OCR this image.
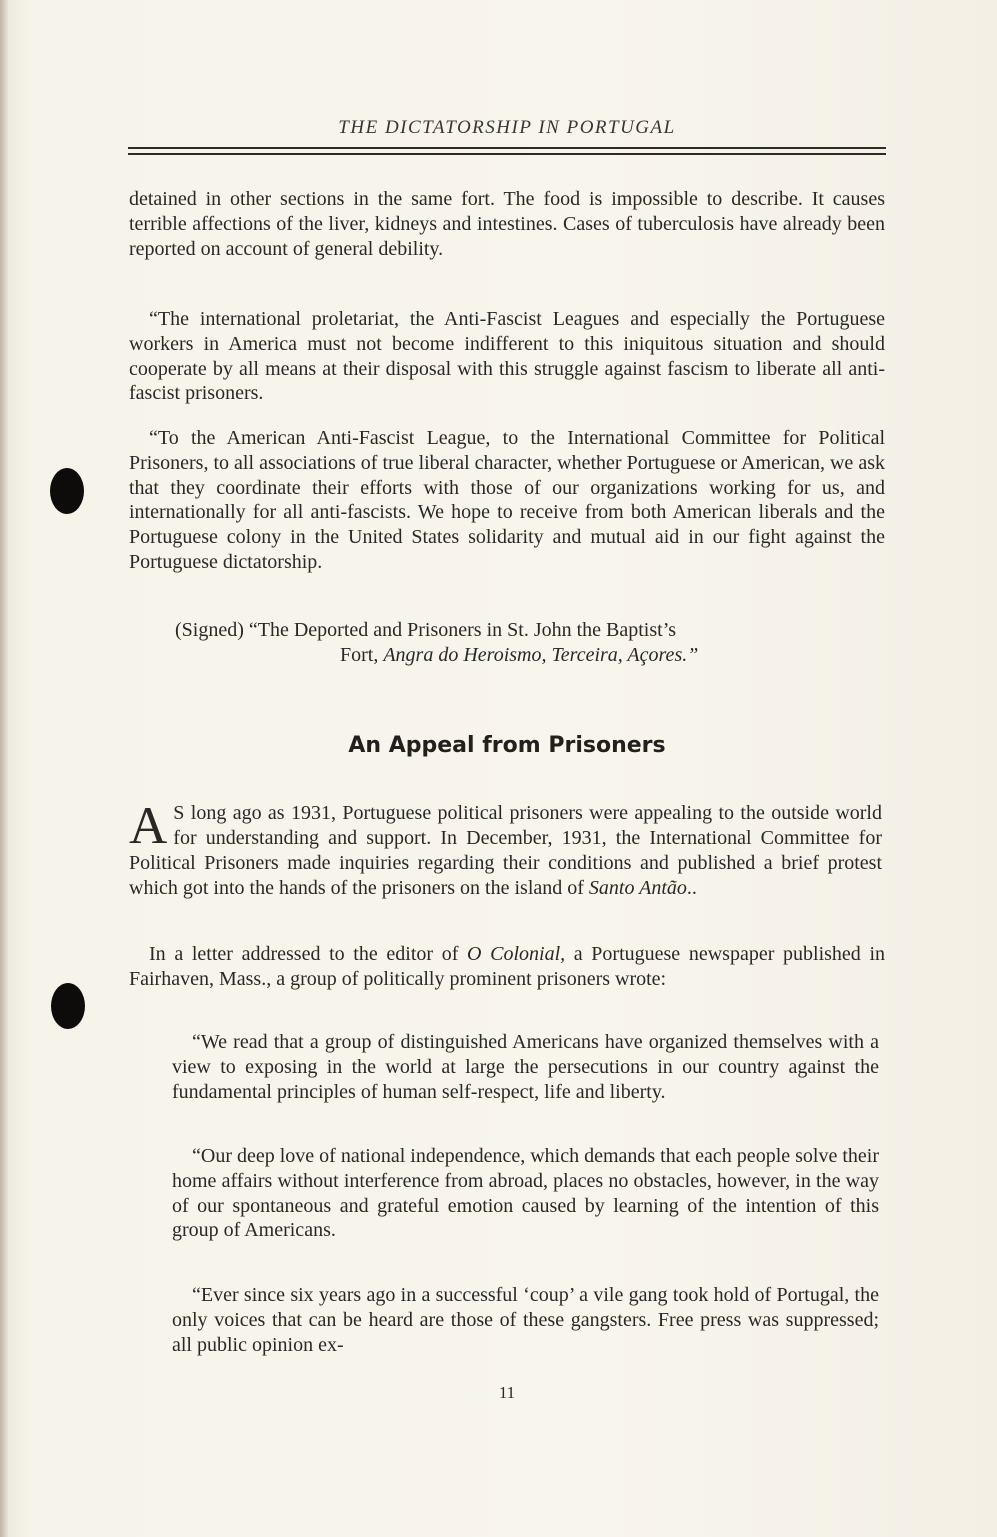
THE DICTATORSHIP IN PORTUGAL

detained in other sections in the same fort. The food is impossible to describe. It causes terrible affections of the liver, kidneys and intestines. Cases of tuberculosis have already been reported on account of general debility.

“The international proletariat, the Anti-Fascist Leagues and especially the Portuguese workers in America must not become indifferent to this iniquitous situation and should cooperate by all means at their disposal with this struggle against fascism to liberate all anti-fascist prisoners.

“To the American Anti-Fascist League, to the International Committee for Political Prisoners, to all associations of true liberal character, whether Portuguese or American, we ask that they coordinate their efforts with those of our organizations working for us, and internationally for all anti-fascists. We hope to receive from both American liberals and the Portuguese colony in the United States solidarity and mutual aid in our fight against the Portuguese dictatorship.

(Signed) “The Deported and Prisoners in St. John the Baptist’s
Fort, Angra do Heroismo, Terceira, Açores.”

An Appeal from Prisoners

A S long ago as 1931, Portuguese political prisoners were appealing to the outside world for understanding and support. In December, 1931, the International Committee for Political Prisoners made inquiries regarding their conditions and published a brief protest which got into the hands of the prisoners on the island of Santo Antão..

In a letter addressed to the editor of O Colonial, a Portuguese newspaper published in Fairhaven, Mass., a group of politically prominent prisoners wrote:

“We read that a group of distinguished Americans have organized themselves with a view to exposing in the world at large the persecutions in our country against the fundamental principles of human self-respect, life and liberty.

“Our deep love of national independence, which demands that each people solve their home affairs without interference from abroad, places no obstacles, however, in the way of our spontaneous and grateful emotion caused by learning of the intention of this group of Americans.

“Ever since six years ago in a successful ‘coup’ a vile gang took hold of Portugal, the only voices that can be heard are those of these gangsters. Free press was suppressed; all public opinion ex-

11
